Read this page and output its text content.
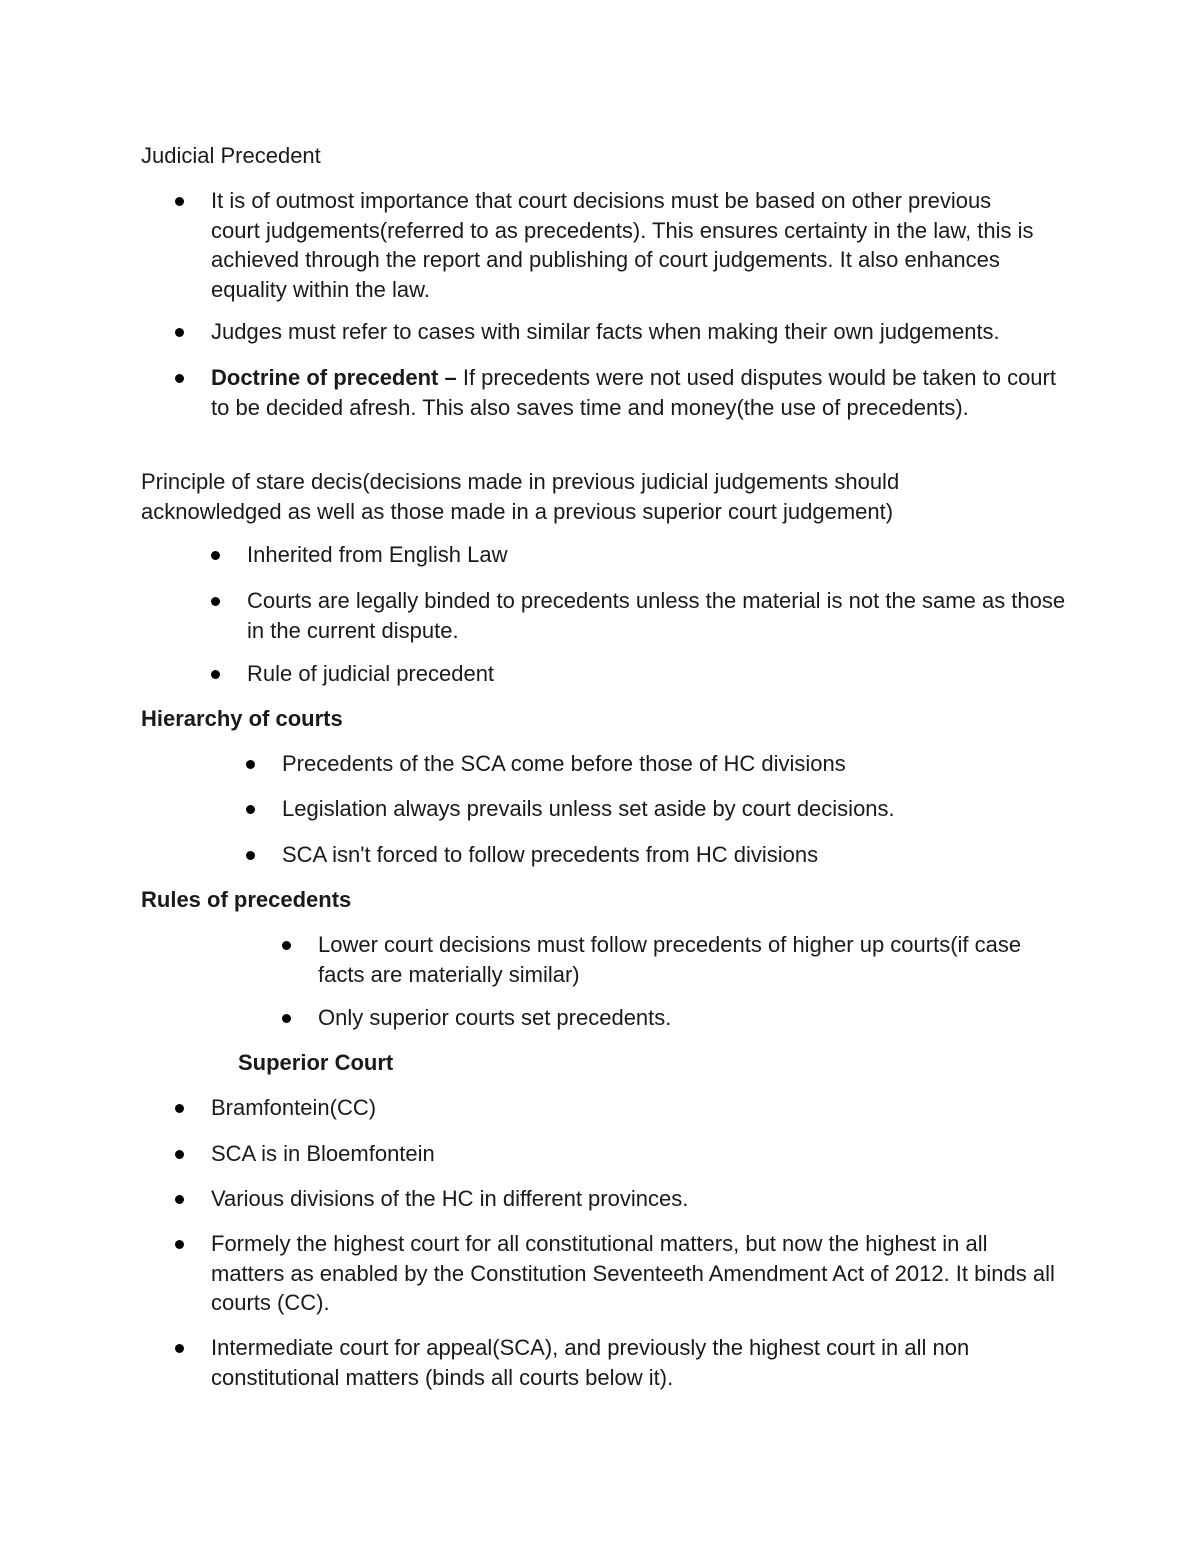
Judicial Precedent

It is of outmost importance that court decisions must be based on other previous court judgements(referred to as precedents). This ensures certainty in the law, this is achieved through the report and publishing of court judgements. It also enhances equality within the law.
Judges must refer to cases with similar facts when making their own judgements.
Doctrine of precedent – If precedents were not used disputes would be taken to court to be decided afresh. This also saves time and money(the use of precedents).

Principle of stare decis(decisions made in previous judicial judgements should acknowledged as well as those made in a previous superior court judgement)

Inherited from English Law
Courts are legally binded to precedents unless the material is not the same as those in the current dispute.
Rule of judicial precedent

Hierarchy of courts

Precedents of the SCA come before those of HC divisions
Legislation always prevails unless set aside by court decisions.
SCA isn't forced to follow precedents from HC divisions

Rules of precedents

Lower court decisions must follow precedents of higher up courts(if case facts are materially similar)
Only superior courts set precedents.

Superior Court

Bramfontein(CC)
SCA is in Bloemfontein
Various divisions of the HC in different provinces.
Formely the highest court for all constitutional matters, but now the highest in all matters as enabled by the Constitution Seventeeth Amendment Act of 2012. It binds all courts (CC).
Intermediate court for appeal(SCA), and previously the highest court in all non constitutional matters (binds all courts below it).
